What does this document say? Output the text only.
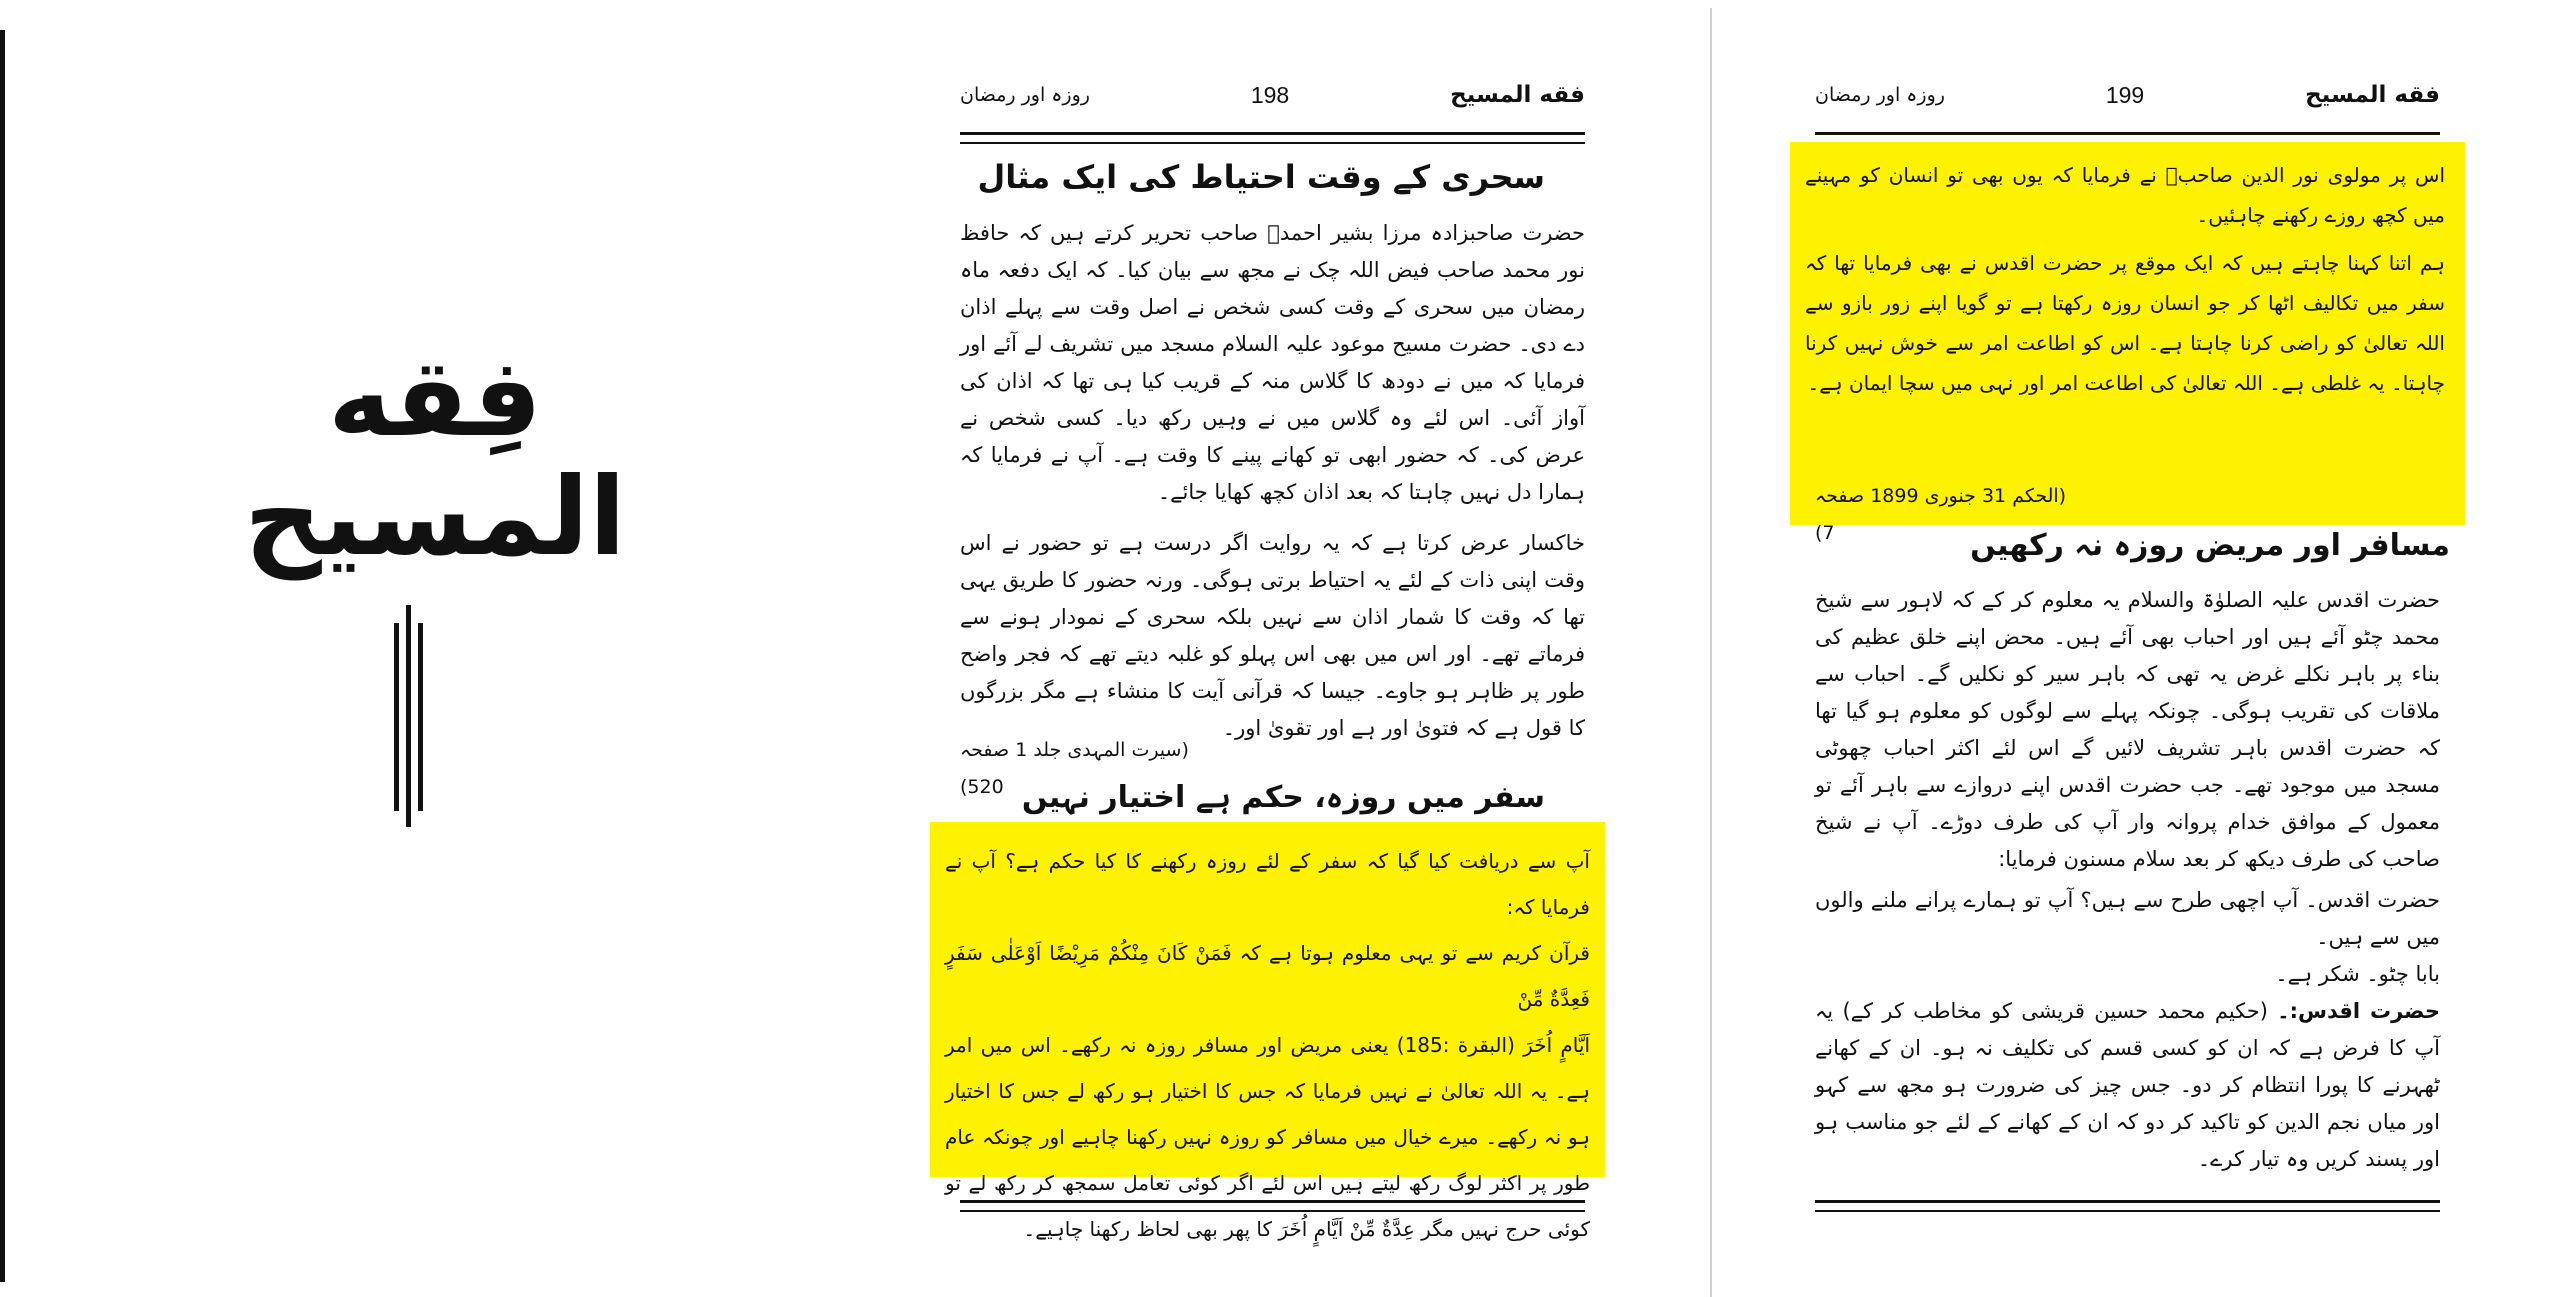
فِقه المسيح
فقه المسيح
198
روزہ اور رمضان
سحری کے وقت احتیاط کی ایک مثال

حضرت صاحبزادہ مرزا بشیر احمدؓ صاحب تحریر کرتے ہیں کہ حافظ نور محمد صاحب فیض اللہ چک نے مجھ سے بیان کیا۔ کہ ایک دفعہ ماہ رمضان میں سحری کے وقت کسی شخص نے اصل وقت سے پہلے اذان دے دی۔ حضرت مسیح موعود علیہ السلام مسجد میں تشریف لے آئے اور فرمایا کہ میں نے دودھ کا گلاس منہ کے قریب کیا ہی تھا کہ اذان کی آواز آئی۔ اس لئے وہ گلاس میں نے وہیں رکھ دیا۔ کسی شخص نے عرض کی۔ کہ حضور ابھی تو کھانے پینے کا وقت ہے۔ آپ نے فرمایا کہ ہمارا دل نہیں چاہتا کہ بعد اذان کچھ کھایا جائے۔

خاکسار عرض کرتا ہے کہ یہ روایت اگر درست ہے تو حضور نے اس وقت اپنی ذات کے لئے یہ احتیاط برتی ہوگی۔ ورنہ حضور کا طریق یہی تھا کہ وقت کا شمار اذان سے نہیں بلکہ سحری کے نمودار ہونے سے فرماتے تھے۔ اور اس میں بھی اس پہلو کو غلبہ دیتے تھے کہ فجر واضح طور پر ظاہر ہو جاوے۔ جیسا کہ قرآنی آیت کا منشاء ہے مگر بزرگوں کا قول ہے کہ فتویٰ اور ہے اور تقویٰ اور۔

(سیرت المہدی جلد 1 صفحہ 520) سفر میں روزہ، حکم ہے اختیار نہیں

آپ سے دریافت کیا گیا کہ سفر کے لئے روزہ رکھنے کا کیا حکم ہے؟ آپ نے فرمایا کہ:

قرآن کریم سے تو یہی معلوم ہوتا ہے کہ فَمَنْ كَانَ مِنْكُمْ مَرِيْضًا اَوْعَلٰى سَفَرٍ فَعِدَّةٌ مِّنْ

اَيَّامٍ اُخَرَ (البقرة :185) یعنی مریض اور مسافر روزہ نہ رکھے۔ اس میں امر ہے۔ یہ اللہ تعالیٰ نے نہیں فرمایا کہ جس کا اختیار ہو رکھ لے جس کا اختیار ہو نہ رکھے۔ میرے خیال میں مسافر کو روزہ نہیں رکھنا چاہیے اور چونکہ عام طور پر اکثر لوگ رکھ لیتے ہیں اس لئے اگر کوئی تعامل سمجھ کر رکھ لے تو کوئی حرج نہیں مگر عِدَّةٌ مِّنْ اَيَّامٍ اُخَرَ کا پھر بھی لحاظ رکھنا چاہیے۔

فقه المسيح
199
روزہ اور رمضان

اس پر مولوی نور الدین صاحبؓ نے فرمایا کہ یوں بھی تو انسان کو مہینے میں کچھ روزے رکھنے چاہئیں۔

ہم اتنا کہنا چاہتے ہیں کہ ایک موقع پر حضرت اقدس نے بھی فرمایا تھا کہ سفر میں تکالیف اٹھا کر جو انسان روزہ رکھتا ہے تو گویا اپنے زور بازو سے اللہ تعالیٰ کو راضی کرنا چاہتا ہے۔ اس کو اطاعت امر سے خوش نہیں کرنا چاہتا۔ یہ غلطی ہے۔ اللہ تعالیٰ کی اطاعت امر اور نہی میں سچا ایمان ہے۔

(الحکم 31 جنوری 1899 صفحہ 7)	مسافر اور مریض روزہ نہ رکھیں

حضرت اقدس علیہ الصلوٰۃ والسلام یہ معلوم کر کے کہ لاہور سے شیخ محمد چٹو آئے ہیں اور احباب بھی آئے ہیں۔ محض اپنے خلق عظیم کی بناء پر باہر نکلے غرض یہ تھی کہ باہر سیر کو نکلیں گے۔ احباب سے ملاقات کی تقریب ہوگی۔ چونکہ پہلے سے لوگوں کو معلوم ہو گیا تھا کہ حضرت اقدس باہر تشریف لائیں گے اس لئے اکثر احباب چھوٹی مسجد میں موجود تھے۔ جب حضرت اقدس اپنے دروازے سے باہر آئے تو معمول کے موافق خدام پروانہ وار آپ کی طرف دوڑے۔ آپ نے شیخ صاحب کی طرف دیکھ کر بعد سلام مسنون فرمایا:

حضرت اقدس۔ آپ اچھی طرح سے ہیں؟ آپ تو ہمارے پرانے ملنے والوں میں سے ہیں۔

بابا چٹو۔ شکر ہے۔

حضرت اقدس:۔ (حکیم محمد حسین قریشی کو مخاطب کر کے) یہ آپ کا فرض ہے کہ ان کو کسی قسم کی تکلیف نہ ہو۔ ان کے کھانے ٹھہرنے کا پورا انتظام کر دو۔ جس چیز کی ضرورت ہو مجھ سے کہو اور میاں نجم الدین کو تاکید کر دو کہ ان کے کھانے کے لئے جو مناسب ہو اور پسند کریں وہ تیار کرے۔
